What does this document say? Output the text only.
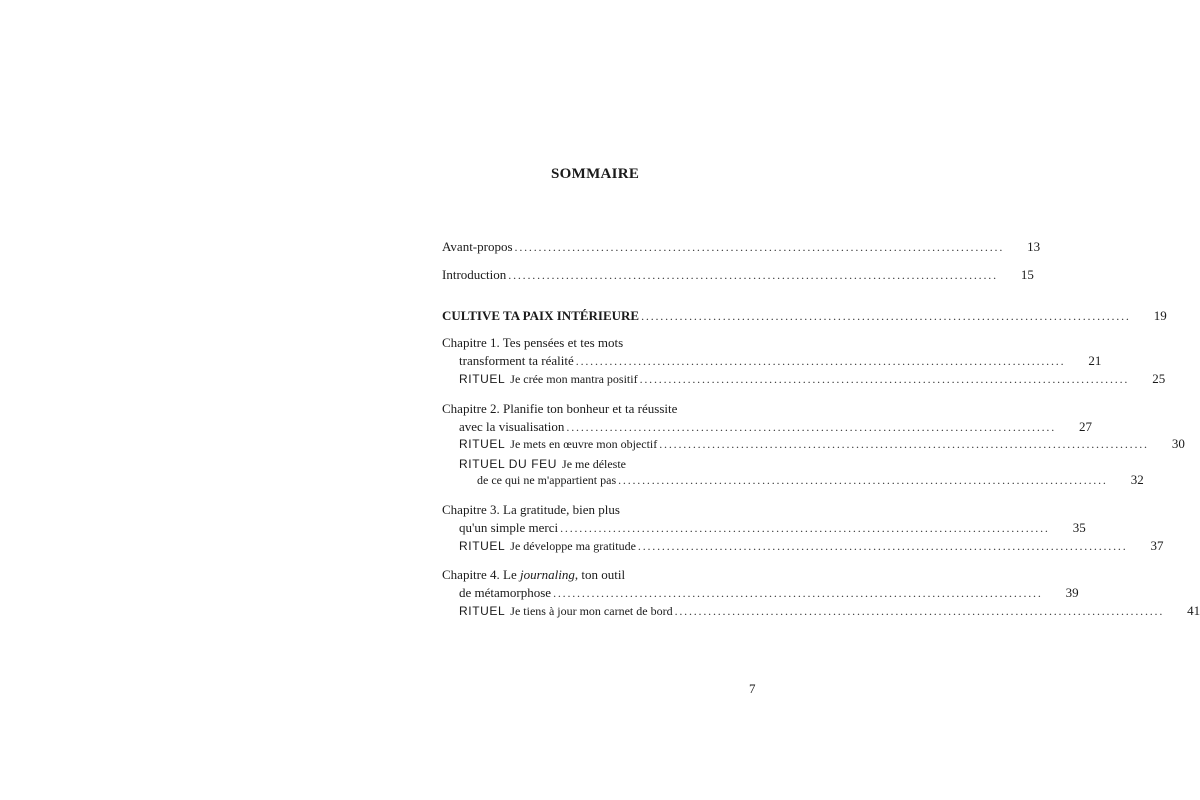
SOMMAIRE
Avant-propos ......................................................................................................	13
Introduction ......................................................................................................	15
CULTIVE TA PAIX INTÉRIEURE ......................................................................................................	19
Chapitre 1. Tes pensées et tes mots
transforment ta réalité ......................................................................................................	21
RITUEL Je crée mon mantra positif ......................................................................................................	25
Chapitre 2. Planifie ton bonheur et ta réussite
avec la visualisation ......................................................................................................	27
RITUEL Je mets en œuvre mon objectif ......................................................................................................	30
RITUEL DU FEU Je me déleste
de ce qui ne m'appartient pas ......................................................................................................	32
Chapitre 3. La gratitude, bien plus
qu'un simple merci ......................................................................................................	35
RITUEL Je développe ma gratitude ......................................................................................................	37
Chapitre 4. Le journaling, ton outil
de métamorphose ......................................................................................................	39
RITUEL Je tiens à jour mon carnet de bord ......................................................................................................	41
7
